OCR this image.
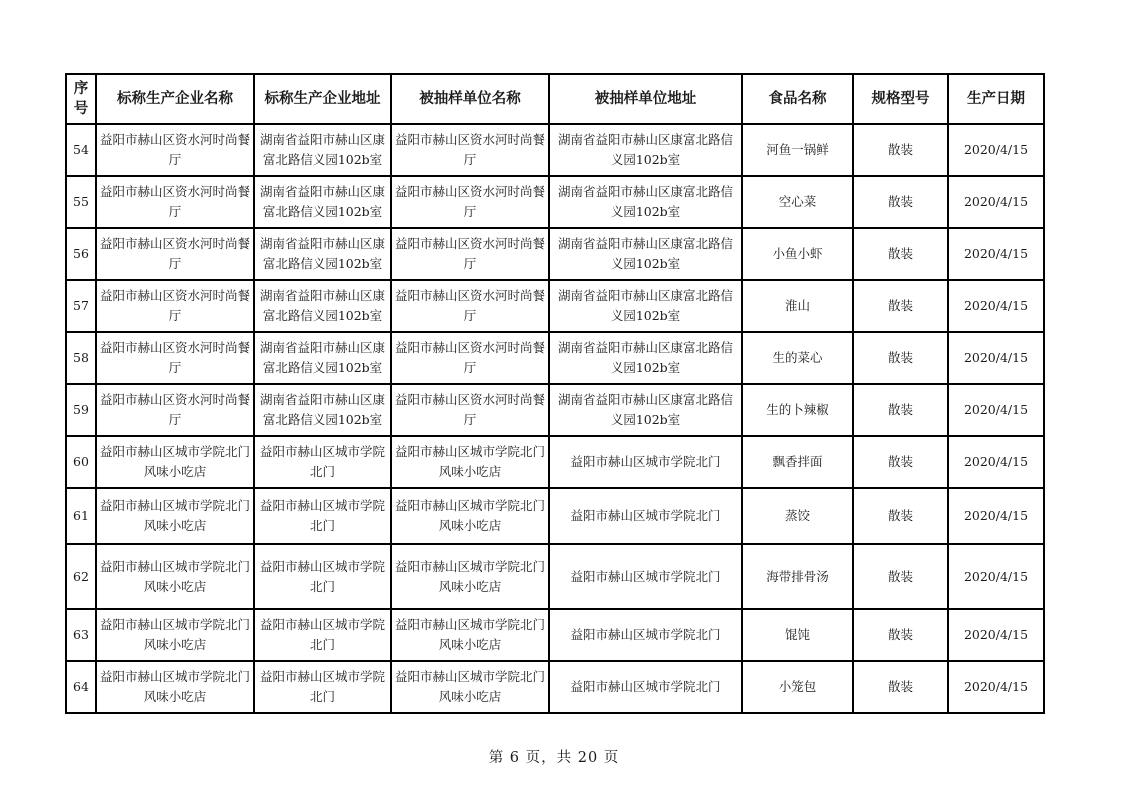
序号	标称生产企业名称	标称生产企业地址	被抽样单位名称	被抽样单位地址	食品名称	规格型号	生产日期
54	益阳市赫山区资水河时尚餐厅	湖南省益阳市赫山区康富北路信义园102b室	益阳市赫山区资水河时尚餐厅	湖南省益阳市赫山区康富北路信义园102b室	河鱼一锅鲜	散装	2020/4/15
55	益阳市赫山区资水河时尚餐厅	湖南省益阳市赫山区康富北路信义园102b室	益阳市赫山区资水河时尚餐厅	湖南省益阳市赫山区康富北路信义园102b室	空心菜	散装	2020/4/15
56	益阳市赫山区资水河时尚餐厅	湖南省益阳市赫山区康富北路信义园102b室	益阳市赫山区资水河时尚餐厅	湖南省益阳市赫山区康富北路信义园102b室	小鱼小虾	散装	2020/4/15
57	益阳市赫山区资水河时尚餐厅	湖南省益阳市赫山区康富北路信义园102b室	益阳市赫山区资水河时尚餐厅	湖南省益阳市赫山区康富北路信义园102b室	淮山	散装	2020/4/15
58	益阳市赫山区资水河时尚餐厅	湖南省益阳市赫山区康富北路信义园102b室	益阳市赫山区资水河时尚餐厅	湖南省益阳市赫山区康富北路信义园102b室	生的菜心	散装	2020/4/15
59	益阳市赫山区资水河时尚餐厅	湖南省益阳市赫山区康富北路信义园102b室	益阳市赫山区资水河时尚餐厅	湖南省益阳市赫山区康富北路信义园102b室	生的卜辣椒	散装	2020/4/15
60	益阳市赫山区城市学院北门风味小吃店	益阳市赫山区城市学院北门	益阳市赫山区城市学院北门风味小吃店	益阳市赫山区城市学院北门	飘香拌面	散装	2020/4/15
61	益阳市赫山区城市学院北门风味小吃店	益阳市赫山区城市学院北门	益阳市赫山区城市学院北门风味小吃店	益阳市赫山区城市学院北门	蒸饺	散装	2020/4/15
62	益阳市赫山区城市学院北门风味小吃店	益阳市赫山区城市学院北门	益阳市赫山区城市学院北门风味小吃店	益阳市赫山区城市学院北门	海带排骨汤	散装	2020/4/15
63	益阳市赫山区城市学院北门风味小吃店	益阳市赫山区城市学院北门	益阳市赫山区城市学院北门风味小吃店	益阳市赫山区城市学院北门	馄饨	散装	2020/4/15
64	益阳市赫山区城市学院北门风味小吃店	益阳市赫山区城市学院北门	益阳市赫山区城市学院北门风味小吃店	益阳市赫山区城市学院北门	小笼包	散装	2020/4/15
第 6 页，共 20 页
